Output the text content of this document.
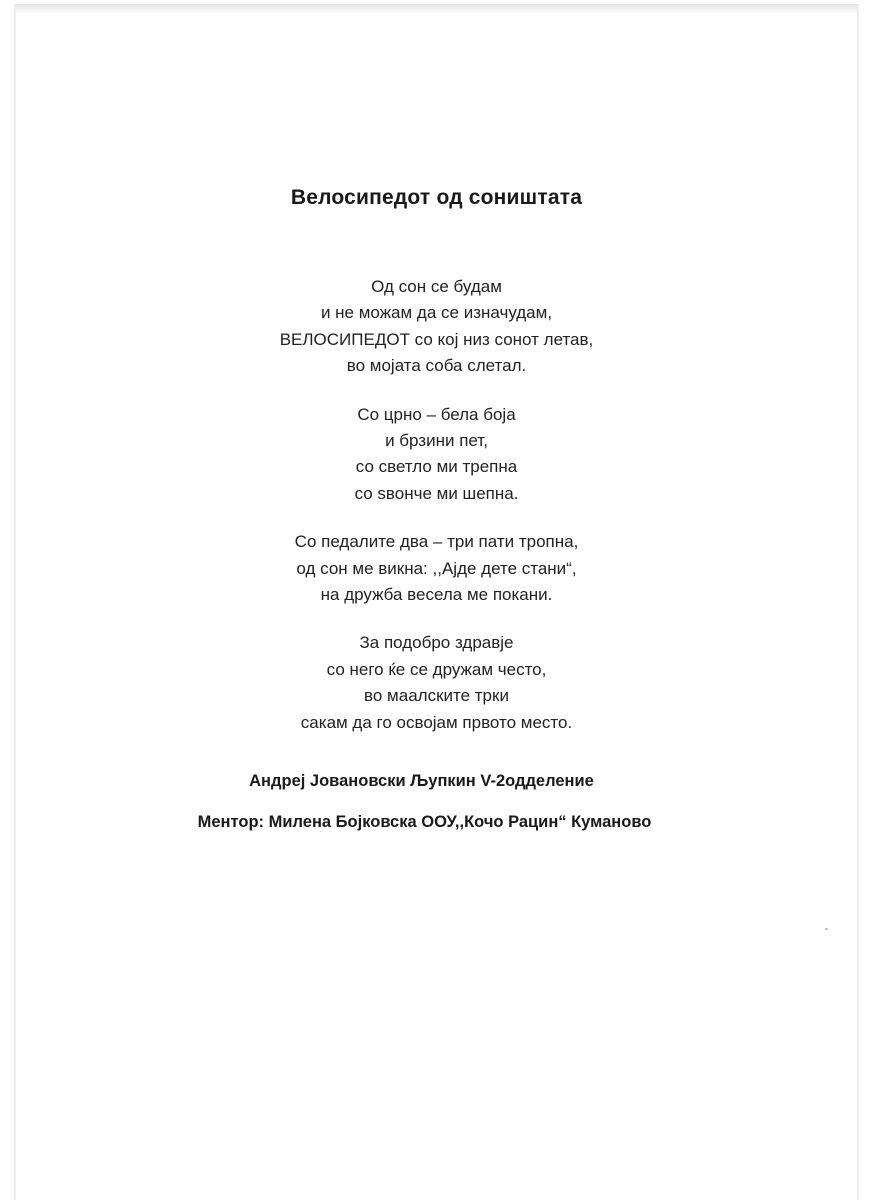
Велосипедот од соништата
Од сон се будам
и не можам да се изначудам,
ВЕЛОСИПЕДОТ со кој низ сонот летав,
во мојата соба слетал.
Со црно – бела боја
и брзини пет,
со светло ми трепна
со ѕвонче ми шепна.
Со педалите два – три пати тропна,
од сон ме викна: ,,Ајде дете стани“,
на дружба весела ме покани.
За подобро здравје
со него ќе се дружам често,
во маалските трки
сакам да го освојам првото место.
Андреј Јовановски Љупкин V-2одделение
Ментор: Милена Бојковска ООУ,,Кочо Рацин“ Куманово
